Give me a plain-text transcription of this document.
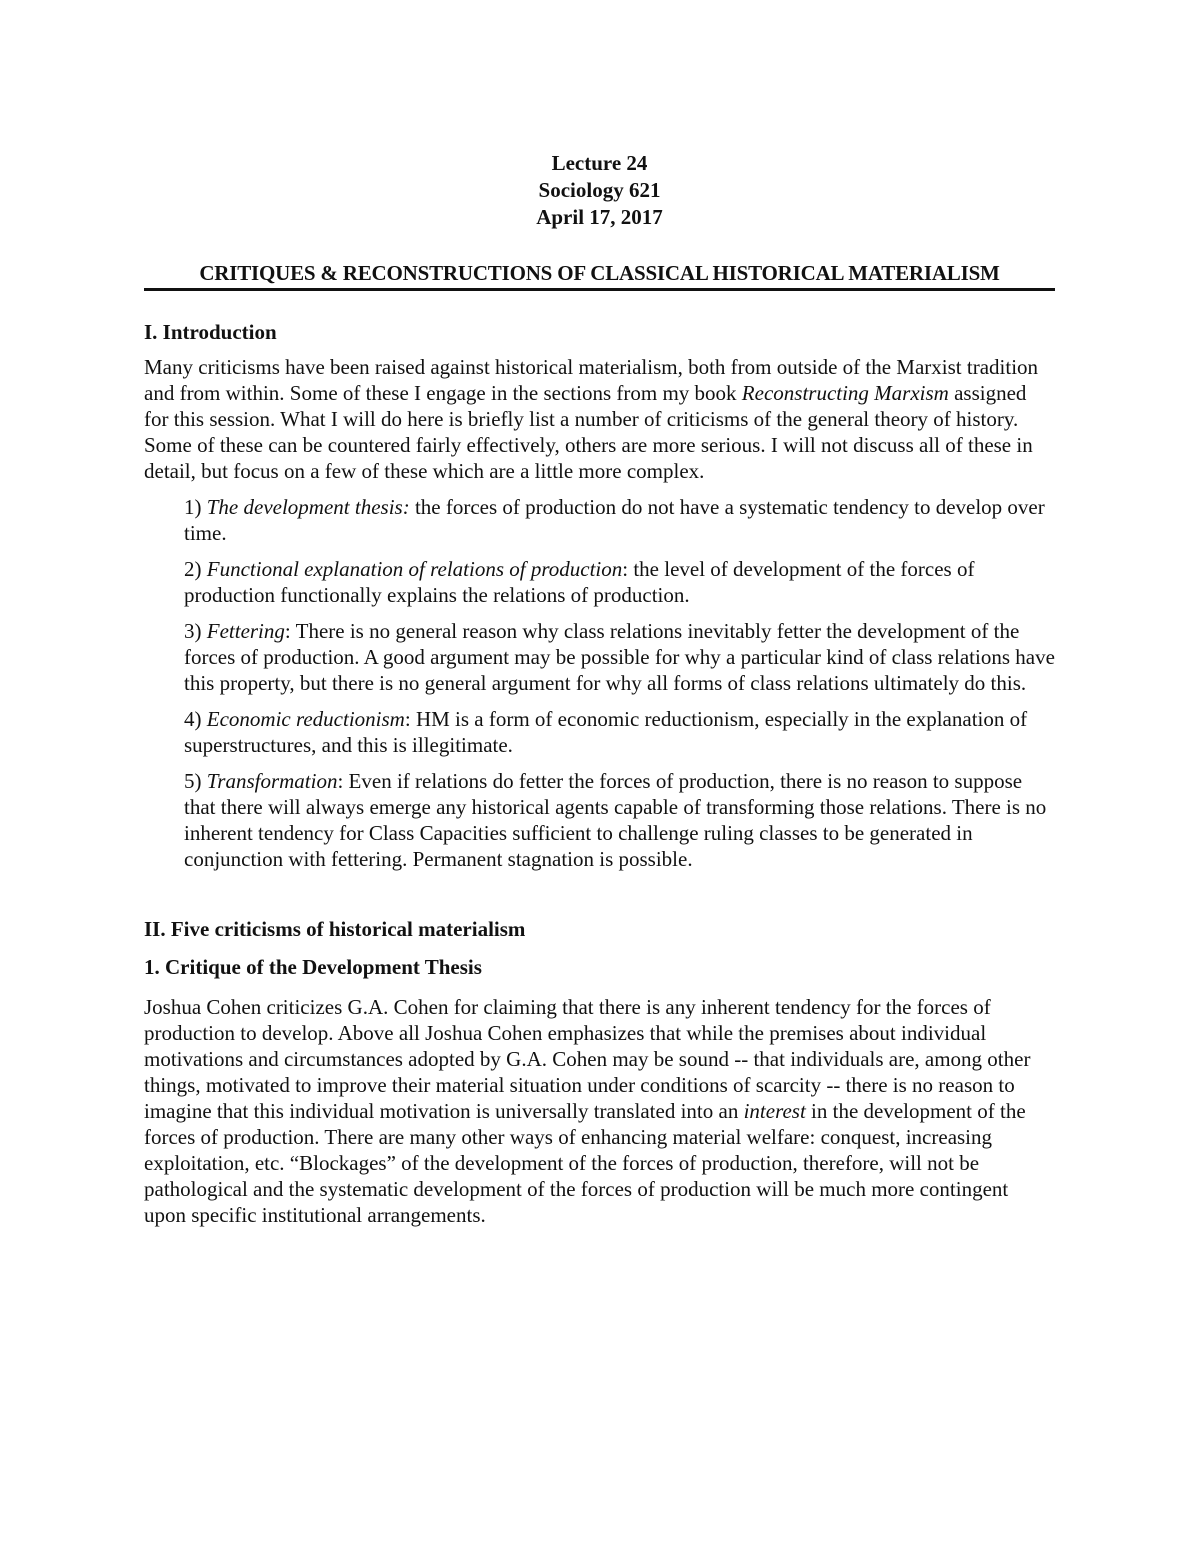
Lecture 24
Sociology 621
April 17, 2017
CRITIQUES & RECONSTRUCTIONS OF CLASSICAL HISTORICAL MATERIALISM
I. Introduction

Many criticisms have been raised against historical materialism, both from outside of the Marxist tradition and from within. Some of these I engage in the sections from my book Reconstructing Marxism assigned for this session. What I will do here is briefly list a number of criticisms of the general theory of history. Some of these can be countered fairly effectively, others are more serious. I will not discuss all of these in detail, but focus on a few of these which are a little more complex.

1) The development thesis: the forces of production do not have a systematic tendency to develop over time.
2) Functional explanation of relations of production: the level of development of the forces of production functionally explains the relations of production.
3) Fettering: There is no general reason why class relations inevitably fetter the development of the forces of production. A good argument may be possible for why a particular kind of class relations have this property, but there is no general argument for why all forms of class relations ultimately do this.
4) Economic reductionism: HM is a form of economic reductionism, especially in the explanation of superstructures, and this is illegitimate.
5) Transformation: Even if relations do fetter the forces of production, there is no reason to suppose that there will always emerge any historical agents capable of transforming those relations. There is no inherent tendency for Class Capacities sufficient to challenge ruling classes to be generated in conjunction with fettering. Permanent stagnation is possible.
II. Five criticisms of historical materialism
1. Critique of the Development Thesis

Joshua Cohen criticizes G.A. Cohen for claiming that there is any inherent tendency for the forces of production to develop. Above all Joshua Cohen emphasizes that while the premises about individual motivations and circumstances adopted by G.A. Cohen may be sound -- that individuals are, among other things, motivated to improve their material situation under conditions of scarcity -- there is no reason to imagine that this individual motivation is universally translated into an interest in the development of the forces of production. There are many other ways of enhancing material welfare: conquest, increasing exploitation, etc. “Blockages” of the development of the forces of production, therefore, will not be pathological and the systematic development of the forces of production will be much more contingent upon specific institutional arrangements.
